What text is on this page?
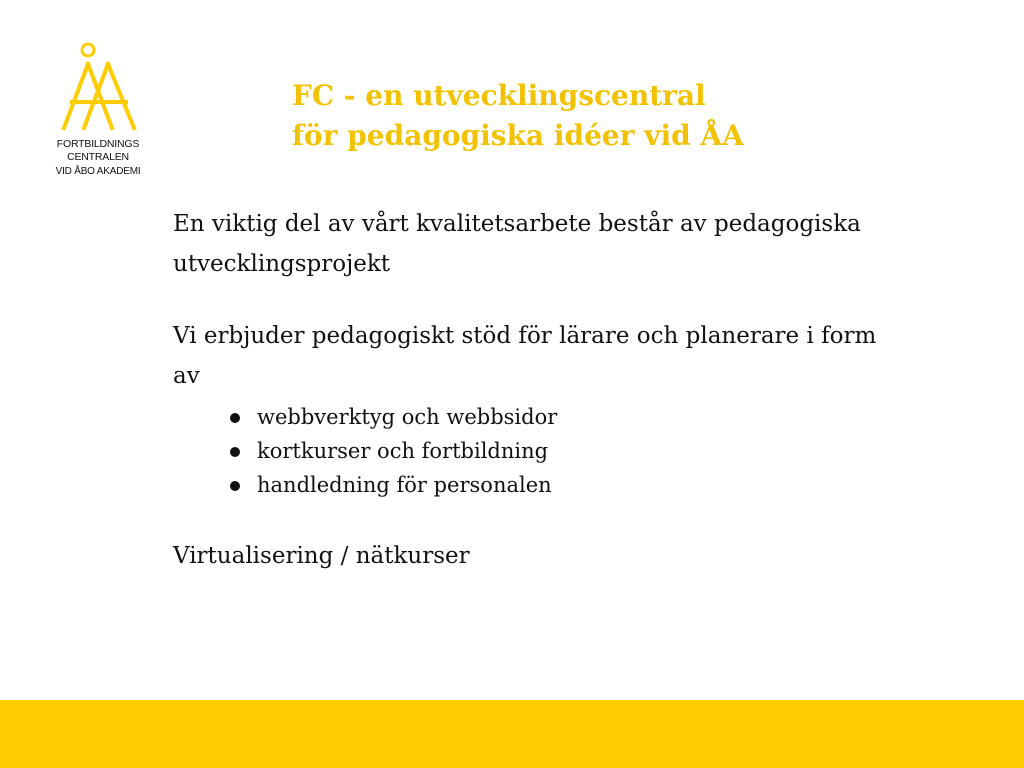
FORTBILDNINGS
CENTRALEN
VID ÅBO AKADEMI
FC - en utvecklingscentral
för pedagogiska idéer vid ÅA

En viktig del av vårt kvalitetsarbete består av pedagogiska utvecklingsprojekt

Vi erbjuder pedagogiskt stöd för lärare och planerare i form av

webbverktyg och webbsidor
kortkurser och fortbildning
handledning för personalen

Virtualisering / nätkurser
